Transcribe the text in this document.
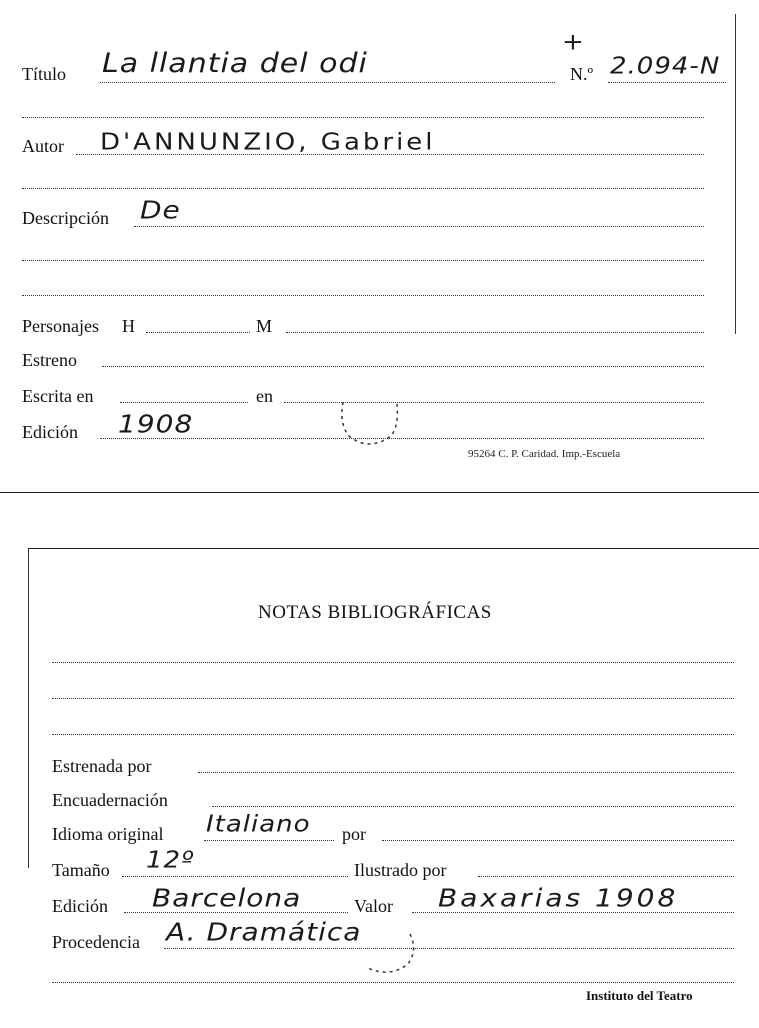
Título La llantia del odi
+
N.º 2.094-N
Autor D'ANNUNZIO, Gabriel
Descripción De
Personajes H	M
Estreno
Escrita en	en
Edición 1908
95264 C. P. Caridad. Imp.-Escuela
NOTAS BIBLIOGRÁFICAS
Estrenada por
Encuadernación
Idioma original Italiano por
Tamaño 12º	Ilustrado por
Edición Barcelona	Valor Baxarias 1908
Procedencia A. Dramática
Instituto del Teatro
